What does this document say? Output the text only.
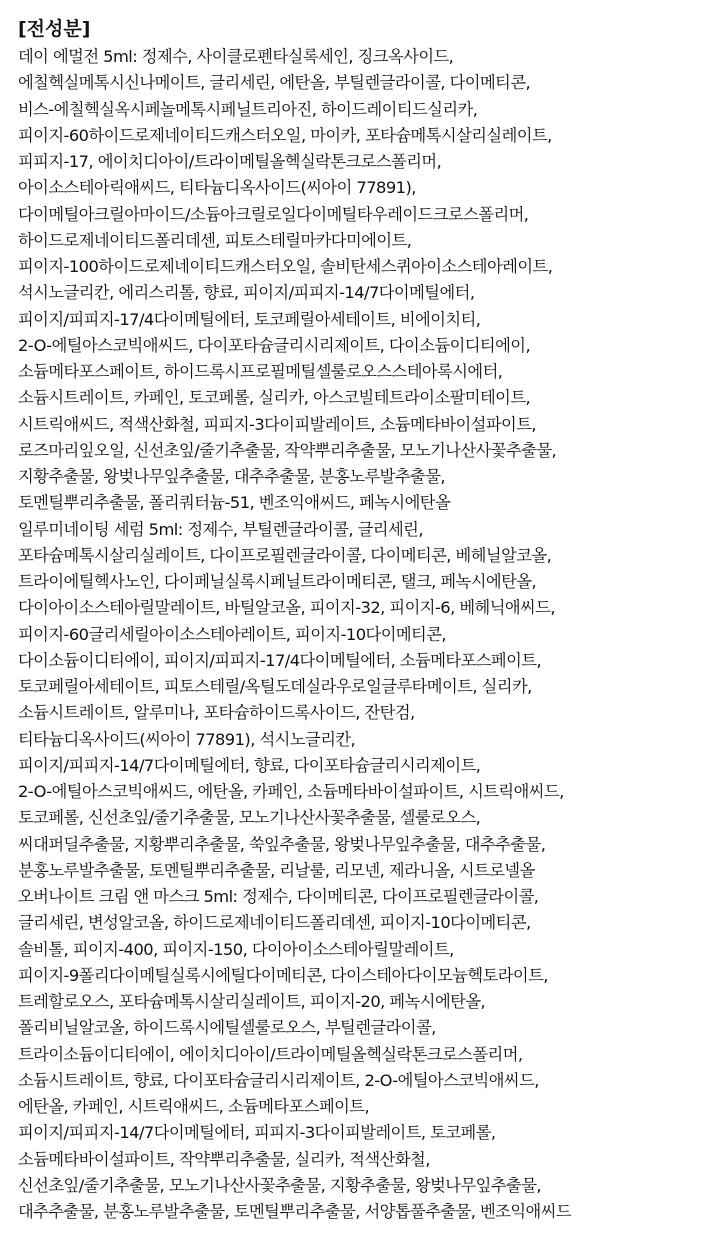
[전성분]
데이 에멀전 5ml: 정제수, 사이클로펜타실록세인, 징크옥사이드,
에칠헥실메톡시신나메이트, 글리세린, 에탄올, 부틸렌글라이콜, 다이메티콘,
비스-에칠헥실옥시페놀메톡시페닐트리아진, 하이드레이티드실리카,
피이지-60하이드로제네이티드캐스터오일, 마이카, 포타슘메톡시살리실레이트,
피피지-17, 에이치디아이/트라이메틸올헥실락톤크로스폴리머,
아이소스테아릭애씨드, 티타늄디옥사이드(씨아이 77891),
다이메틸아크릴아마이드/소듐아크릴로일다이메틸타우레이드크로스폴리머,
하이드로제네이티드폴리데센, 피토스테릴마카다미에이트,
피이지-100하이드로제네이티드캐스터오일, 솔비탄세스퀴아이소스테아레이트,
석시노글리칸, 에리스리톨, 향료, 피이지/피피지-14/7다이메틸에터,
피이지/피피지-17/4다이메틸에터, 토코페릴아세테이트, 비에이치티,
2-O-에틸아스코빅애씨드, 다이포타슘글리시리제이트, 다이소듐이디티에이,
소듐메타포스페이트, 하이드록시프로필메틸셀룰로오스스테아록시에터,
소듐시트레이트, 카페인, 토코페롤, 실리카, 아스코빌테트라이소팔미테이트,
시트릭애씨드, 적색산화철, 피피지-3다이피발레이트, 소듐메타바이설파이트,
로즈마리잎오일, 신선초잎/줄기추출물, 작약뿌리추출물, 모노기나산사꽃추출물,
지황추출물, 왕벚나무잎추출물, 대추추출물, 분홍노루발추출물,
토멘틸뿌리추출물, 폴리쿼터늄-51, 벤조익애씨드, 페녹시에탄올
일루미네이팅 세럼 5ml: 정제수, 부틸렌글라이콜, 글리세린,
포타슘메톡시살리실레이트, 다이프로필렌글라이콜, 다이메티콘, 베헤닐알코올,
트라이에틸헥사노인, 다이페닐실록시페닐트라이메티콘, 탤크, 페녹시에탄올,
다이아이소스테아릴말레이트, 바틸알코올, 피이지-32, 피이지-6, 베헤닉애씨드,
피이지-60글리세릴아이소스테아레이트, 피이지-10다이메티콘,
다이소듐이디티에이, 피이지/피피지-17/4다이메틸에터, 소듐메타포스페이트,
토코페릴아세테이트, 피토스테릴/옥틸도데실라우로일글루타메이트, 실리카,
소듐시트레이트, 알루미나, 포타슘하이드록사이드, 잔탄검,
티타늄디옥사이드(씨아이 77891), 석시노글리칸,
피이지/피피지-14/7다이메틸에터, 향료, 다이포타슘글리시리제이트,
2-O-에틸아스코빅애씨드, 에탄올, 카페인, 소듐메타바이설파이트, 시트릭애씨드,
토코페롤, 신선초잎/줄기추출물, 모노기나산사꽃추출물, 셀룰로오스,
씨대퍼딜추출물, 지황뿌리추출물, 쑥잎추출물, 왕벚나무잎추출물, 대추추출물,
분홍노루발추출물, 토멘틸뿌리추출물, 리날룰, 리모넨, 제라니올, 시트로넬올
오버나이트 크림 앤 마스크 5ml: 정제수, 다이메티콘, 다이프로필렌글라이콜,
글리세린, 변성알코올, 하이드로제네이티드폴리데센, 피이지-10다이메티콘,
솔비톨, 피이지-400, 피이지-150, 다이아이소스테아릴말레이트,
피이지-9폴리다이메틸실록시에틸다이메티콘, 다이스테아다이모늄헥토라이트,
트레할로오스, 포타슘메톡시살리실레이트, 피이지-20, 페녹시에탄올,
폴리비닐알코올, 하이드록시에틸셀룰로오스, 부틸렌글라이콜,
트라이소듐이디티에이, 에이치디아이/트라이메틸올헥실락톤크로스폴리머,
소듐시트레이트, 향료, 다이포타슘글리시리제이트, 2-O-에틸아스코빅애씨드,
에탄올, 카페인, 시트릭애씨드, 소듐메타포스페이트,
피이지/피피지-14/7다이메틸에터, 피피지-3다이피발레이트, 토코페롤,
소듐메타바이설파이트, 작약뿌리추출물, 실리카, 적색산화철,
신선초잎/줄기추출물, 모노기나산사꽃추출물, 지황추출물, 왕벚나무잎추출물,
대추추출물, 분홍노루발추출물, 토멘틸뿌리추출물, 서양톱풀추출물, 벤조익애씨드
